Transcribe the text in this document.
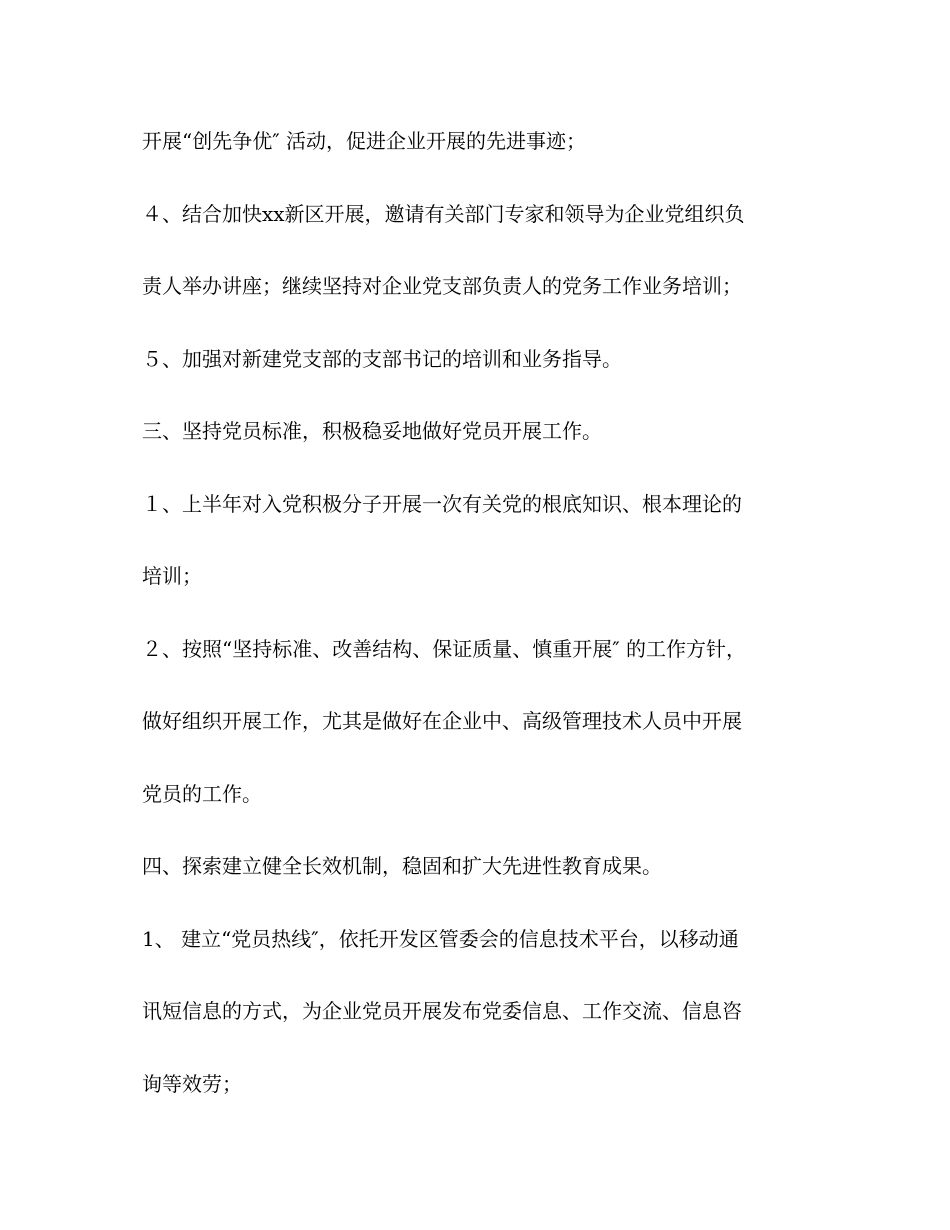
开展“创先争优″ 活动，促进企业开展的先进事迹；

４、结合加快xx新区开展，邀请有关部门专家和领导为企业党组织负

责人举办讲座；继续坚持对企业党支部负责人的党务工作业务培训；

５、加强对新建党支部的支部书记的培训和业务指导。

三、坚持党员标准，积极稳妥地做好党员开展工作。

１、上半年对入党积极分子开展一次有关党的根底知识、根本理论的

培训；

２、按照“坚持标准、改善结构、保证质量、慎重开展″ 的工作方针，

做好组织开展工作，尤其是做好在企业中、高级管理技术人员中开展

党员的工作。

四、探索建立健全长效机制，稳固和扩大先进性教育成果。

1、 建立“党员热线″，依托开发区管委会的信息技术平台，以移动通

讯短信息的方式，为企业党员开展发布党委信息、工作交流、信息咨

询等效劳；
